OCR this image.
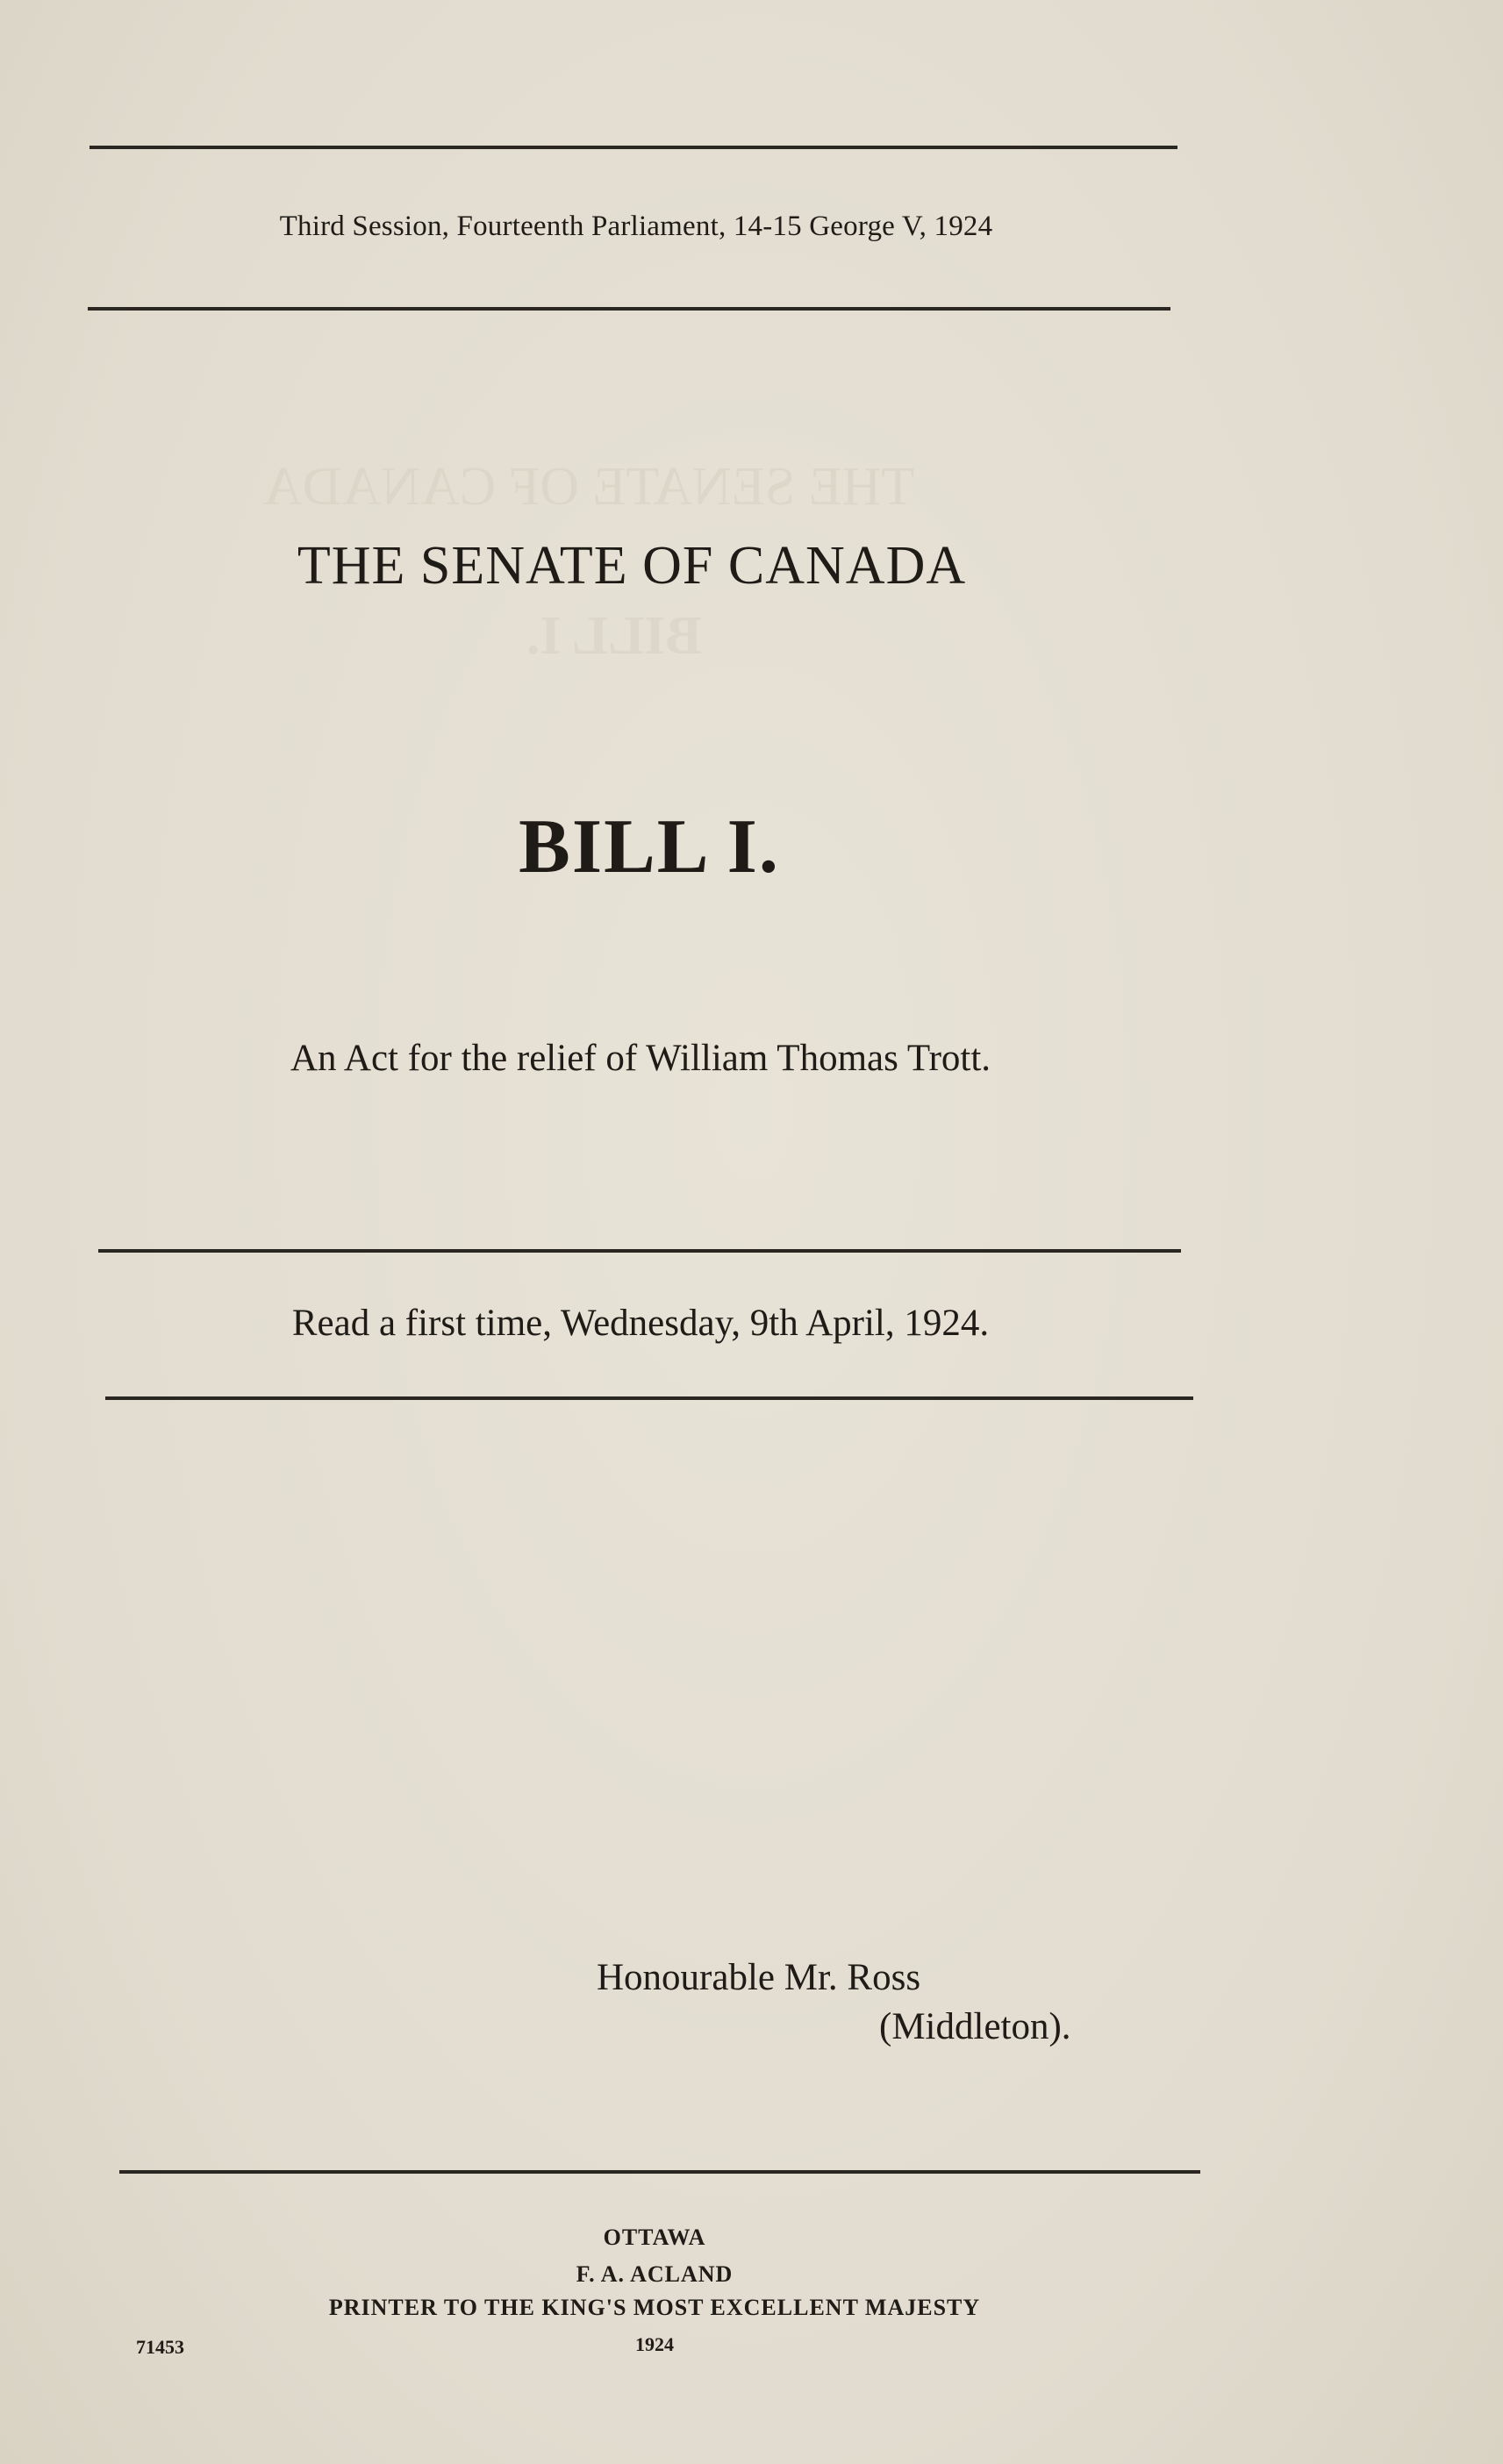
THE SENATE OF CANADA
BILL I.
Third Session, Fourteenth Parliament, 14-15 George V, 1924
THE SENATE OF CANADA
BILL I.
An Act for the relief of William Thomas Trott.
Read a first time, Wednesday, 9th April, 1924.
Honourable Mr. Ross
(Middleton).
OTTAWA
F. A. ACLAND
PRINTER TO THE KING'S MOST EXCELLENT MAJESTY
1924
71453
